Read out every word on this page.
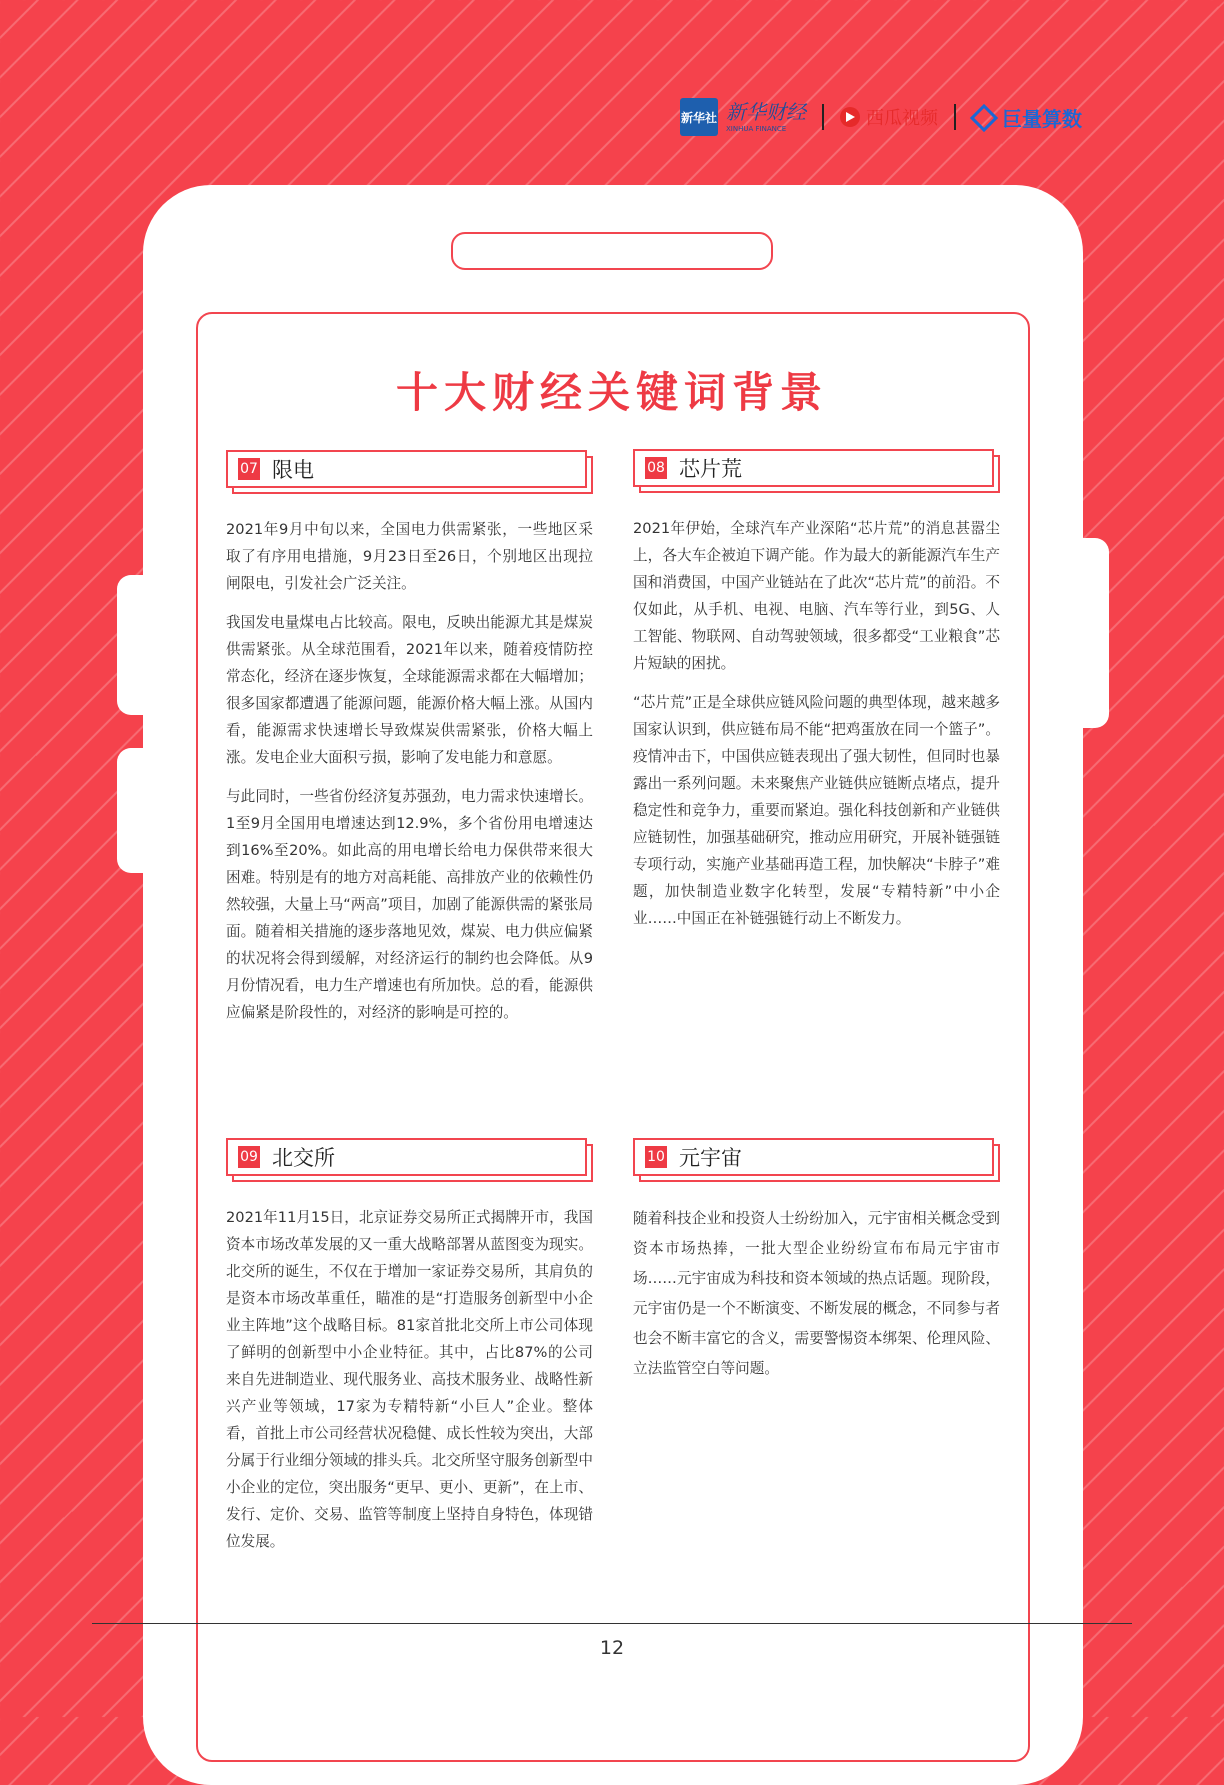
新华社 新华财经
XINHUA FINANCE	西瓜视频	巨量算数
十大财经关键词背景
07 限电

2021年9月中旬以来，全国电力供需紧张，一些地区采取了有序用电措施，9月23日至26日，个别地区出现拉闸限电，引发社会广泛关注。

我国发电量煤电占比较高。限电，反映出能源尤其是煤炭供需紧张。从全球范围看，2021年以来，随着疫情防控常态化，经济在逐步恢复，全球能源需求都在大幅增加；很多国家都遭遇了能源问题，能源价格大幅上涨。从国内看，能源需求快速增长导致煤炭供需紧张，价格大幅上涨。发电企业大面积亏损，影响了发电能力和意愿。

与此同时，一些省份经济复苏强劲，电力需求快速增长。1至9月全国用电增速达到12.9%，多个省份用电增速达到16%至20%。如此高的用电增长给电力保供带来很大困难。特别是有的地方对高耗能、高排放产业的依赖性仍然较强，大量上马“两高”项目，加剧了能源供需的紧张局面。随着相关措施的逐步落地见效，煤炭、电力供应偏紧的状况将会得到缓解，对经济运行的制约也会降低。从9月份情况看，电力生产增速也有所加快。总的看，能源供应偏紧是阶段性的，对经济的影响是可控的。

08 芯片荒

2021年伊始，全球汽车产业深陷“芯片荒”的消息甚嚣尘上，各大车企被迫下调产能。作为最大的新能源汽车生产国和消费国，中国产业链站在了此次“芯片荒”的前沿。不仅如此，从手机、电视、电脑、汽车等行业，到5G、人工智能、物联网、自动驾驶领域，很多都受“工业粮食”芯片短缺的困扰。

“芯片荒”正是全球供应链风险问题的典型体现，越来越多国家认识到，供应链布局不能“把鸡蛋放在同一个篮子”。疫情冲击下，中国供应链表现出了强大韧性，但同时也暴露出一系列问题。未来聚焦产业链供应链断点堵点，提升稳定性和竞争力，重要而紧迫。强化科技创新和产业链供应链韧性，加强基础研究，推动应用研究，开展补链强链专项行动，实施产业基础再造工程，加快解决“卡脖子”难题，加快制造业数字化转型，发展“专精特新”中小企业……中国正在补链强链行动上不断发力。

09 北交所

2021年11月15日，北京证券交易所正式揭牌开市，我国资本市场改革发展的又一重大战略部署从蓝图变为现实。北交所的诞生，不仅在于增加一家证券交易所，其肩负的是资本市场改革重任，瞄准的是“打造服务创新型中小企业主阵地”这个战略目标。81家首批北交所上市公司体现了鲜明的创新型中小企业特征。其中，占比87%的公司来自先进制造业、现代服务业、高技术服务业、战略性新兴产业等领域，17家为专精特新“小巨人”企业。整体看，首批上市公司经营状况稳健、成长性较为突出，大部分属于行业细分领域的排头兵。北交所坚守服务创新型中小企业的定位，突出服务“更早、更小、更新”，在上市、发行、定价、交易、监管等制度上坚持自身特色，体现错位发展。

10 元宇宙

随着科技企业和投资人士纷纷加入，元宇宙相关概念受到资本市场热捧，一批大型企业纷纷宣布布局元宇宙市场……元宇宙成为科技和资本领域的热点话题。现阶段，元宇宙仍是一个不断演变、不断发展的概念，不同参与者也会不断丰富它的含义，需要警惕资本绑架、伦理风险、立法监管空白等问题。

12
